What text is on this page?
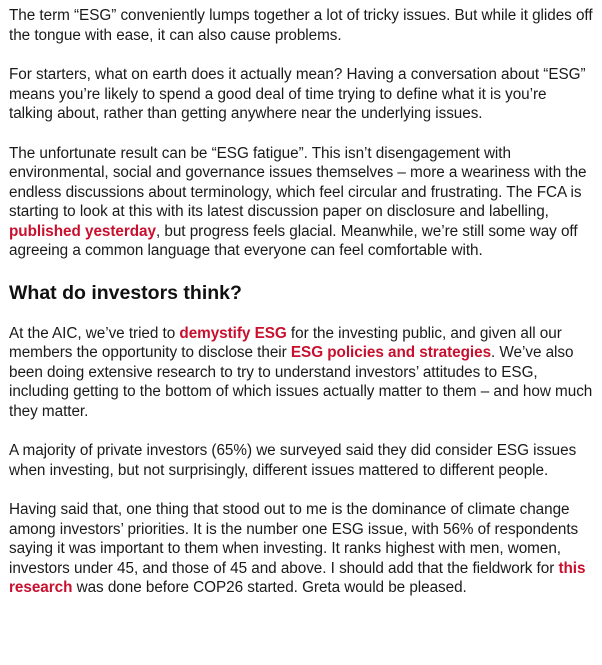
The term “ESG” conveniently lumps together a lot of tricky issues. But while it glides off the tongue with ease, it can also cause problems.

For starters, what on earth does it actually mean? Having a conversation about “ESG” means you’re likely to spend a good deal of time trying to define what it is you’re talking about, rather than getting anywhere near the underlying issues.

The unfortunate result can be “ESG fatigue”. This isn’t disengagement with environmental, social and governance issues themselves – more a weariness with the endless discussions about terminology, which feel circular and frustrating. The FCA is starting to look at this with its latest discussion paper on disclosure and labelling, published yesterday, but progress feels glacial. Meanwhile, we’re still some way off agreeing a common language that everyone can feel comfortable with.

What do investors think?

At the AIC, we’ve tried to demystify ESG for the investing public, and given all our members the opportunity to disclose their ESG policies and strategies. We’ve also been doing extensive research to try to understand investors’ attitudes to ESG, including getting to the bottom of which issues actually matter to them – and how much they matter.

A majority of private investors (65%) we surveyed said they did consider ESG issues when investing, but not surprisingly, different issues mattered to different people.

Having said that, one thing that stood out to me is the dominance of climate change among investors’ priorities. It is the number one ESG issue, with 56% of respondents saying it was important to them when investing. It ranks highest with men, women, investors under 45, and those of 45 and above. I should add that the fieldwork for this research was done before COP26 started. Greta would be pleased.
